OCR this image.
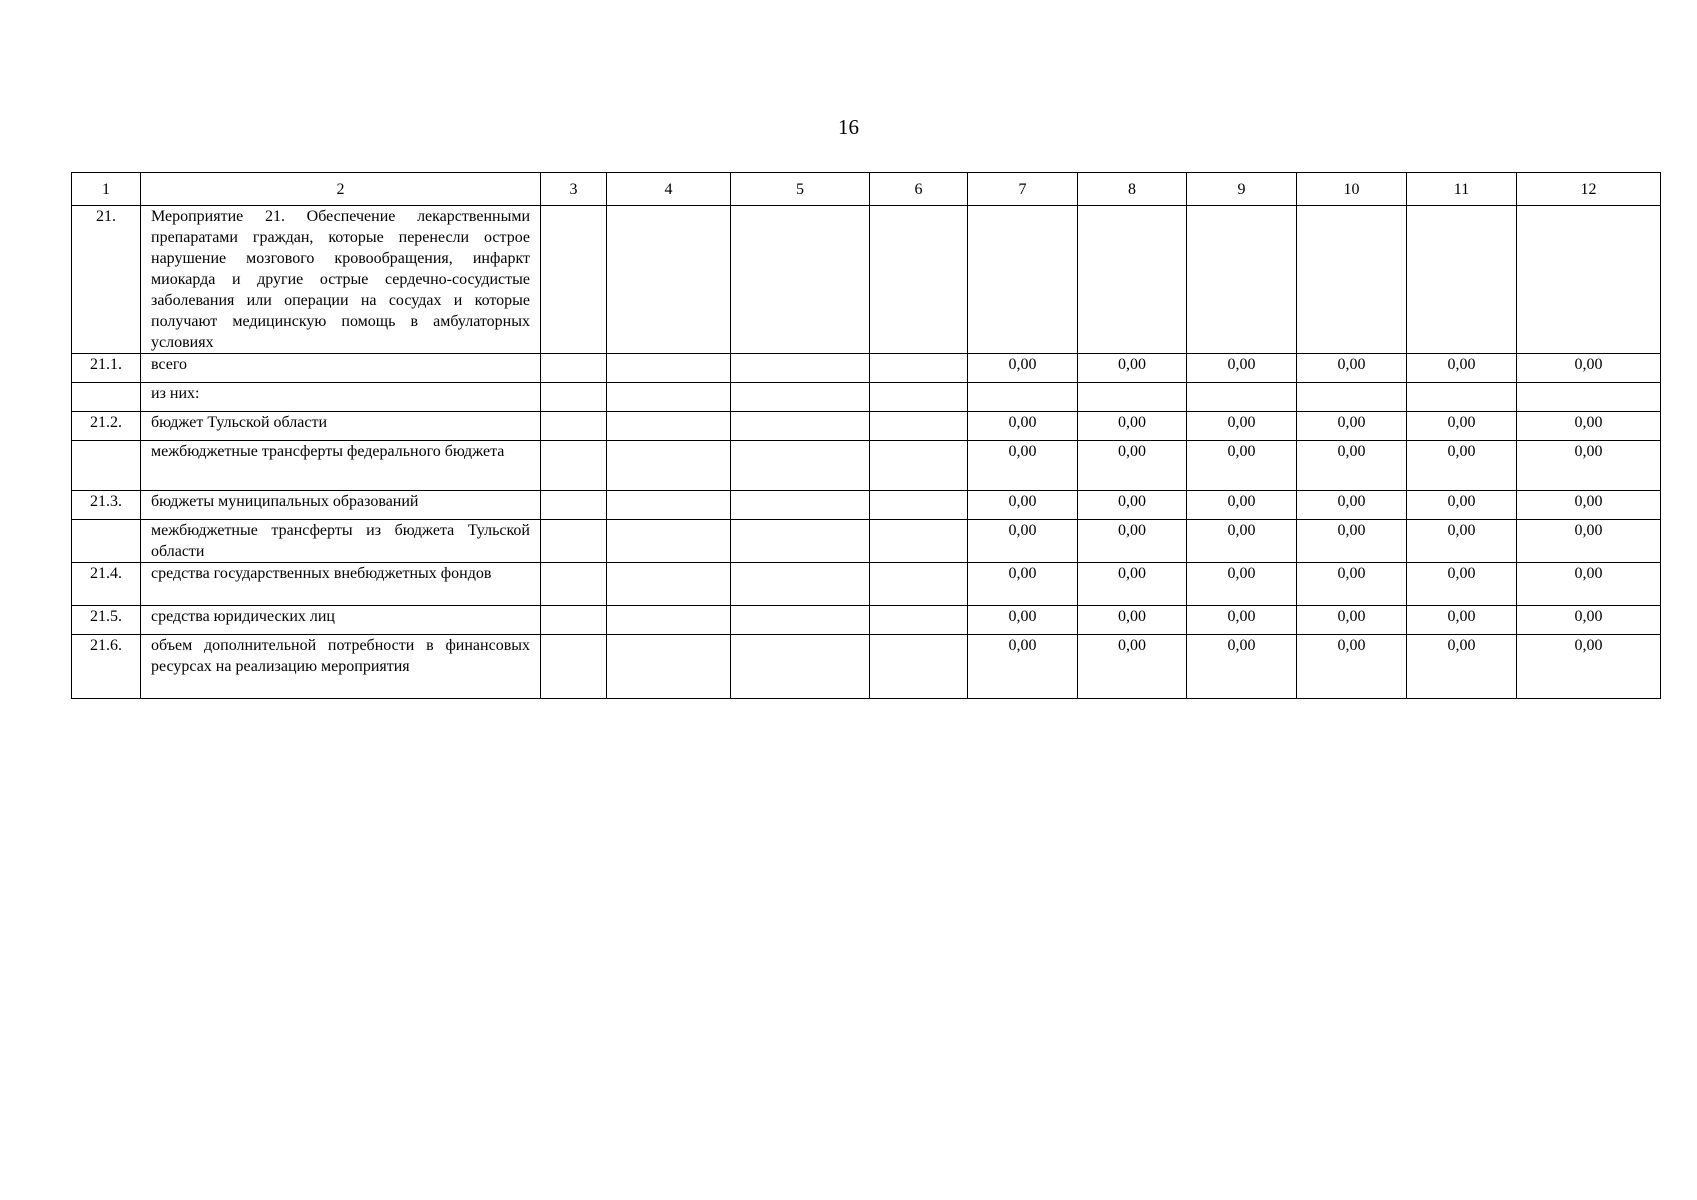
16
1	2	3	4	5	6	7	8	9	10	11	12
21.	Мероприятие 21. Обеспечение лекарственными препаратами граждан, которые перенесли острое нарушение мозгового кровообращения, инфаркт миокарда и другие острые сердечно-сосудистые заболевания или операции на сосудах и которые получают медицинскую помощь в амбулаторных условиях										
21.1.	всего					0,00	0,00	0,00	0,00	0,00	0,00
	из них:										
21.2.	бюджет Тульской области					0,00	0,00	0,00	0,00	0,00	0,00
	межбюджетные трансферты федерального бюджета					0,00	0,00	0,00	0,00	0,00	0,00
21.3.	бюджеты муниципальных образований					0,00	0,00	0,00	0,00	0,00	0,00
	межбюджетные трансферты из бюджета Тульской области					0,00	0,00	0,00	0,00	0,00	0,00
21.4.	средства государственных внебюджетных фондов					0,00	0,00	0,00	0,00	0,00	0,00
21.5.	средства юридических лиц					0,00	0,00	0,00	0,00	0,00	0,00
21.6.	объем дополнительной потребности в финансовых ресурсах на реализацию мероприятия					0,00	0,00	0,00	0,00	0,00	0,00
